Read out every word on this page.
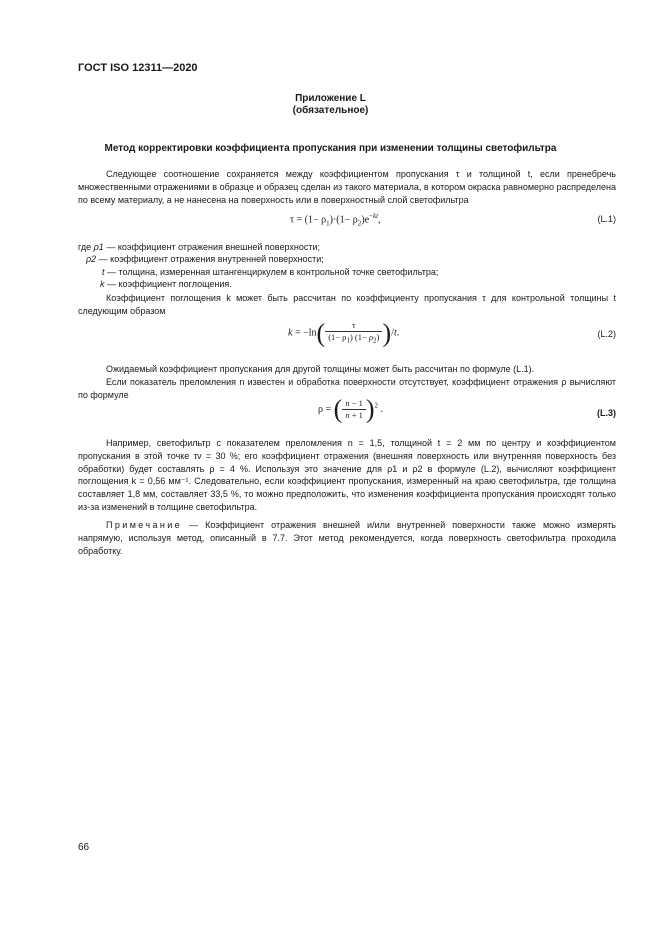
ГОСТ ISO 12311—2020
Приложение L
(обязательное)
Метод корректировки коэффициента пропускания при изменении толщины светофильтра
Следующее соотношение сохраняется между коэффициентом пропускания τ и толщиной t, если пренебречь множественными отражениями в образце и образец сделан из такого материала, в котором окраска равномерно распределена по всему материалу, а не нанесена на поверхность или в поверхностный слой светофильтра
$\tau = (1- \rho_1)\cdot(1- \rho_2)e^{-kt}$,	(L.1)
где ρ1 — коэффициент отражения внешней поверхности;
ρ2 — коэффициент отражения внутренней поверхности;
t — толщина, измеренная штангенциркулем в контрольной точке светофильтра;
k — коэффициент поглощения.
Коэффициент поглощения k может быть рассчитан по коэффициенту пропускания τ для контрольной толщины t следующим образом
$k = -\ln( \frac{\tau}{(1- \rho_1) (1- \rho_2)} )/t$.	(L.2)
Ожидаемый коэффициент пропускания для другой толщины может быть рассчитан по формуле (L.1).
Если показатель преломления n известен и обработка поверхности отсутствует, коэффициент отражения ρ вычисляют по формуле
ρ = ( $\frac{n - 1}{n + 1} )^2$ .	(L.3)
Например, светофильтр с показателем преломления n = 1,5, толщиной t = 2 мм по центру и коэффициентом пропускания в этой точке τv = 30 %; его коэффициент отражения (внешняя поверхность или внутренняя поверхность без обработки) будет составлять ρ = 4 %. Используя это значение для ρ1 и ρ2 в формуле (L.2), вычисляют коэффициент поглощения k = 0,56 мм⁻¹. Следовательно, если коэффициент пропускания, измеренный на краю светофильтра, где толщина составляет 1,8 мм, составляет 33,5 %, то можно предположить, что изменения коэффициента пропускания происходят только из-за изменений в толщине светофильтра.
Примечание — Коэффициент отражения внешней и/или внутренней поверхности также можно измерять напрямую, используя метод, описанный в 7.7. Этот метод рекомендуется, когда поверхность светофильтра проходила обработку.
66
